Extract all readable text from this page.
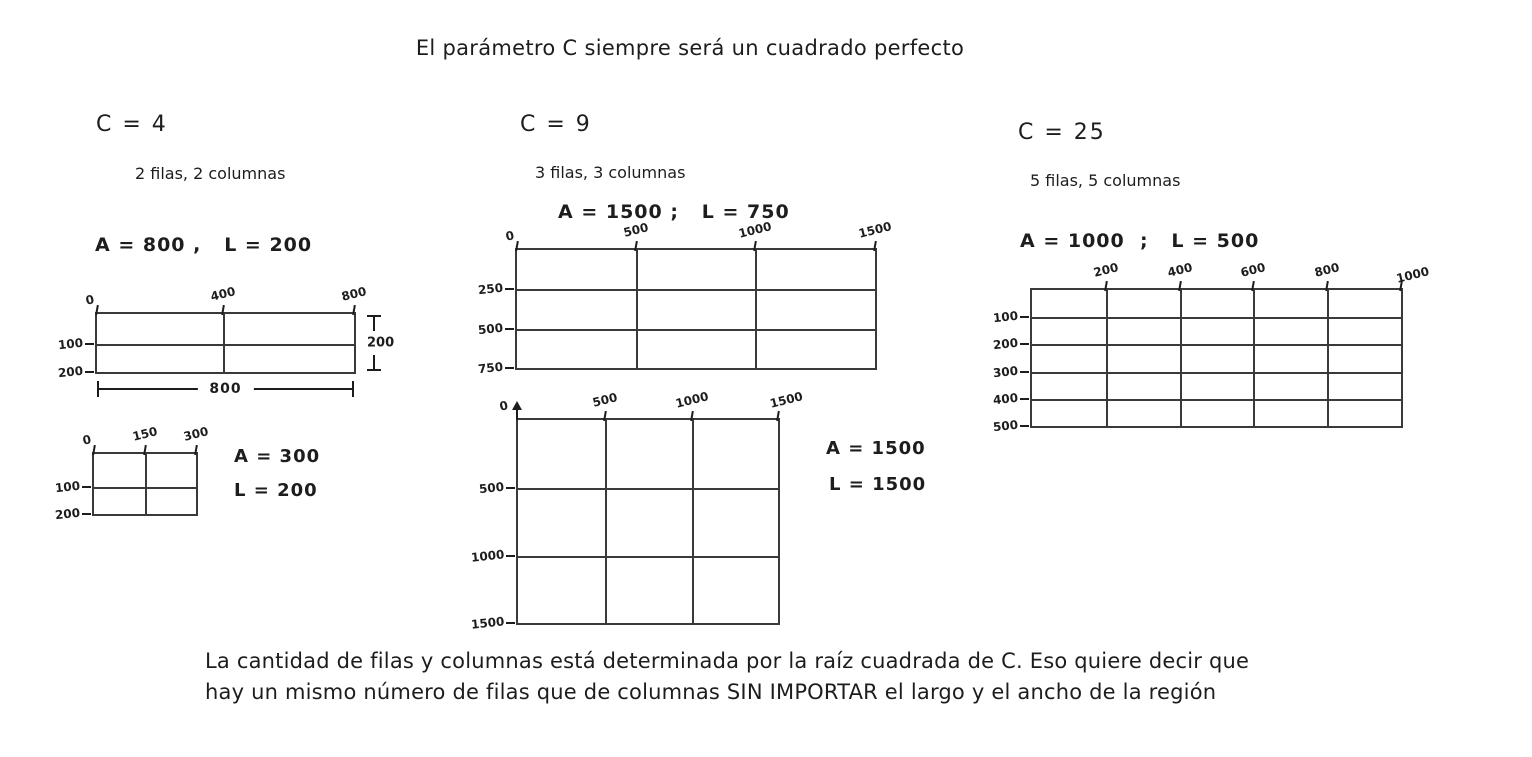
El parámetro C siempre será un cuadrado perfecto
C = 4
2 filas, 2 columnas
A = 800 ,   L = 200
0	400	800
100
200
200
800
0	150 300
100
200
A = 300
L = 200
C = 9
3 filas, 3 columnas
A = 1500 ;   L = 750
0	500	1000	1500
250
500
750
0	500	1000	1500
500
1000
1500
A = 1500
L = 1500
C = 25
5 filas, 5 columnas
A = 1000  ;   L = 500
200	400	600	800	1000
100
200
300
400
500
La cantidad de filas y columnas está determinada por la raíz cuadrada de C. Eso quiere decir que
hay un mismo número de filas que de columnas SIN IMPORTAR el largo y el ancho de la región
